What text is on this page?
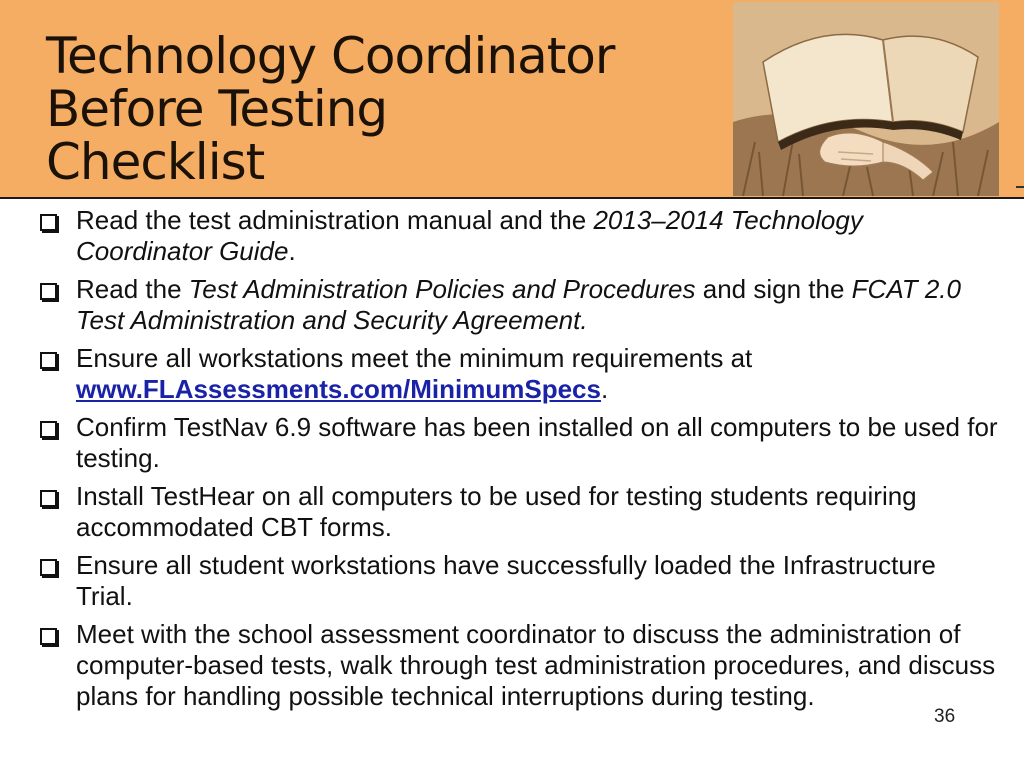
Technology Coordinator
Before Testing
Checklist
Read the test administration manual and the 2013–2014 Technology Coordinator Guide.
Read the Test Administration Policies and Procedures and sign the FCAT 2.0 Test Administration and Security Agreement.
Ensure all workstations meet the minimum requirements at www.FLAssessments.com/MinimumSpecs.
Confirm TestNav 6.9 software has been installed on all computers to be used for testing.
Install TestHear on all computers to be used for testing students requiring accommodated CBT forms.
Ensure all student workstations have successfully loaded the Infrastructure Trial.
Meet with the school assessment coordinator to discuss the administration of computer-based tests, walk through test administration procedures, and discuss plans for handling possible technical interruptions during testing.
36
